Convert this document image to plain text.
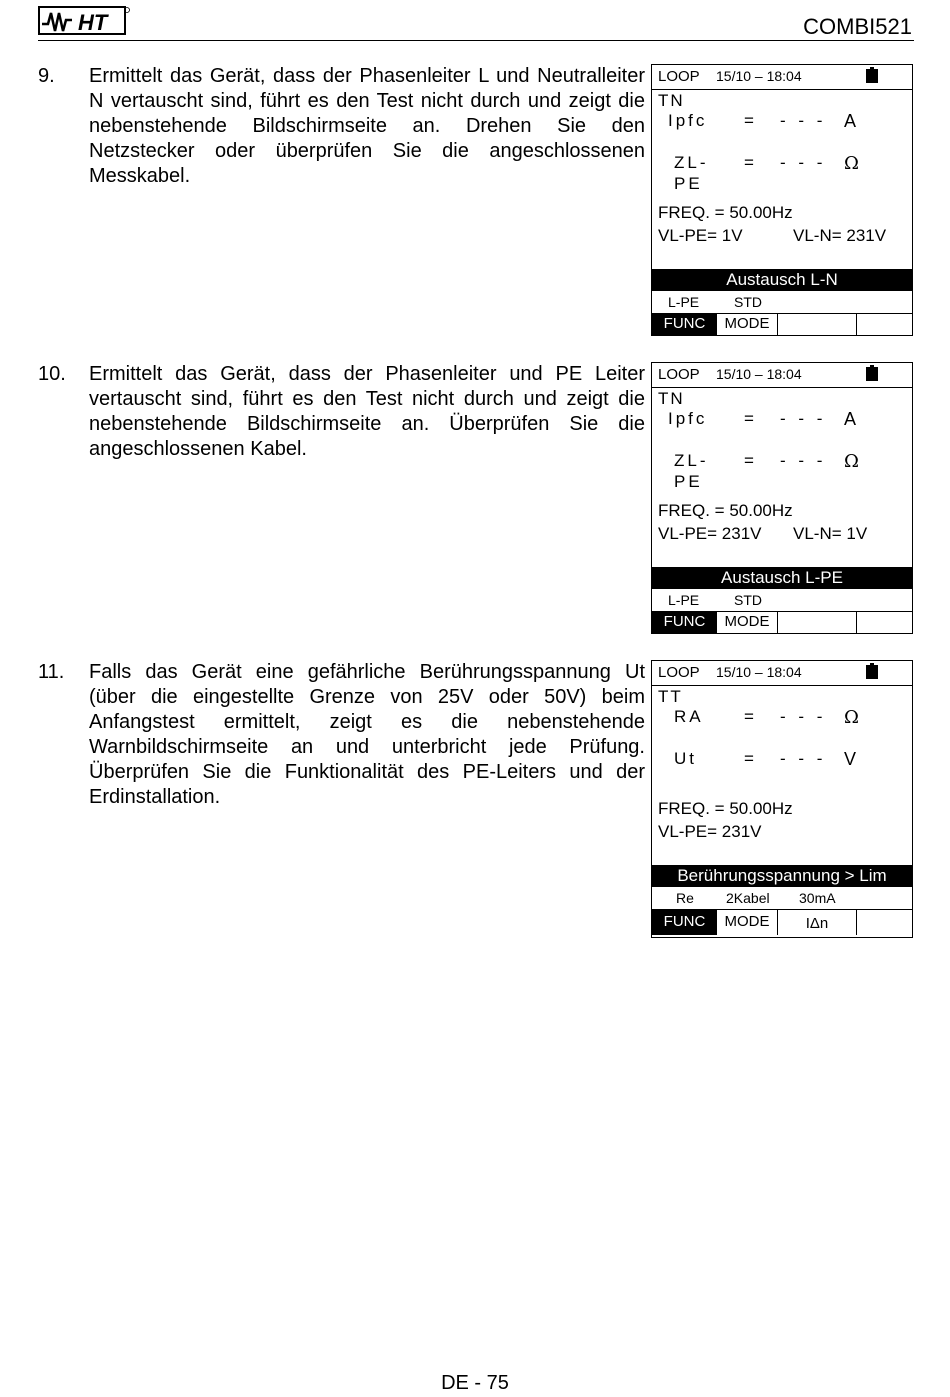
HT	COMBI521
9. Ermittelt das Gerät, dass der Phasenleiter L und Neutralleiter N vertauscht sind, führt es den Test nicht durch und zeigt die nebenstehende Bildschirmseite an. Drehen Sie den Netzstecker oder überprüfen Sie die angeschlossenen Messkabel.

LOOP 15/10 – 18:04
TN
Ipfc = - - - A
ZL-
PE
= - - - Ω
FREQ. = 50.00Hz
VL-PE= 1V	VL-N= 231V
Austausch L-N
L-PE STD
FUNC	MODE
10. Ermittelt das Gerät, dass der Phasenleiter und PE Leiter vertauscht sind, führt es den Test nicht durch und zeigt die nebenstehende Bildschirmseite an. Überprüfen Sie die angeschlossenen Kabel.

LOOP 15/10 – 18:04
TN
Ipfc = - - - A
ZL-
PE
= - - - Ω
FREQ. = 50.00Hz
VL-PE= 231V VL-N= 1V
Austausch L-PE
L-PE STD
FUNC	MODE
11. Falls das Gerät eine gefährliche Berührungsspannung Ut (über die eingestellte Grenze von 25V oder 50V) beim Anfangstest ermittelt, zeigt es die nebenstehende Warnbildschirmseite an und unterbricht jede Prüfung. Überprüfen Sie die Funktionalität des PE-Leiters und der Erdinstallation.

LOOP 15/10 – 18:04
TT
RA = - - - Ω
Ut	= - - - V
FREQ. = 50.00Hz
VL-PE= 231V
Berührungsspannung > Lim
Re 2Kabel 30mA
FUNC	MODE	IΔn
DE - 75
